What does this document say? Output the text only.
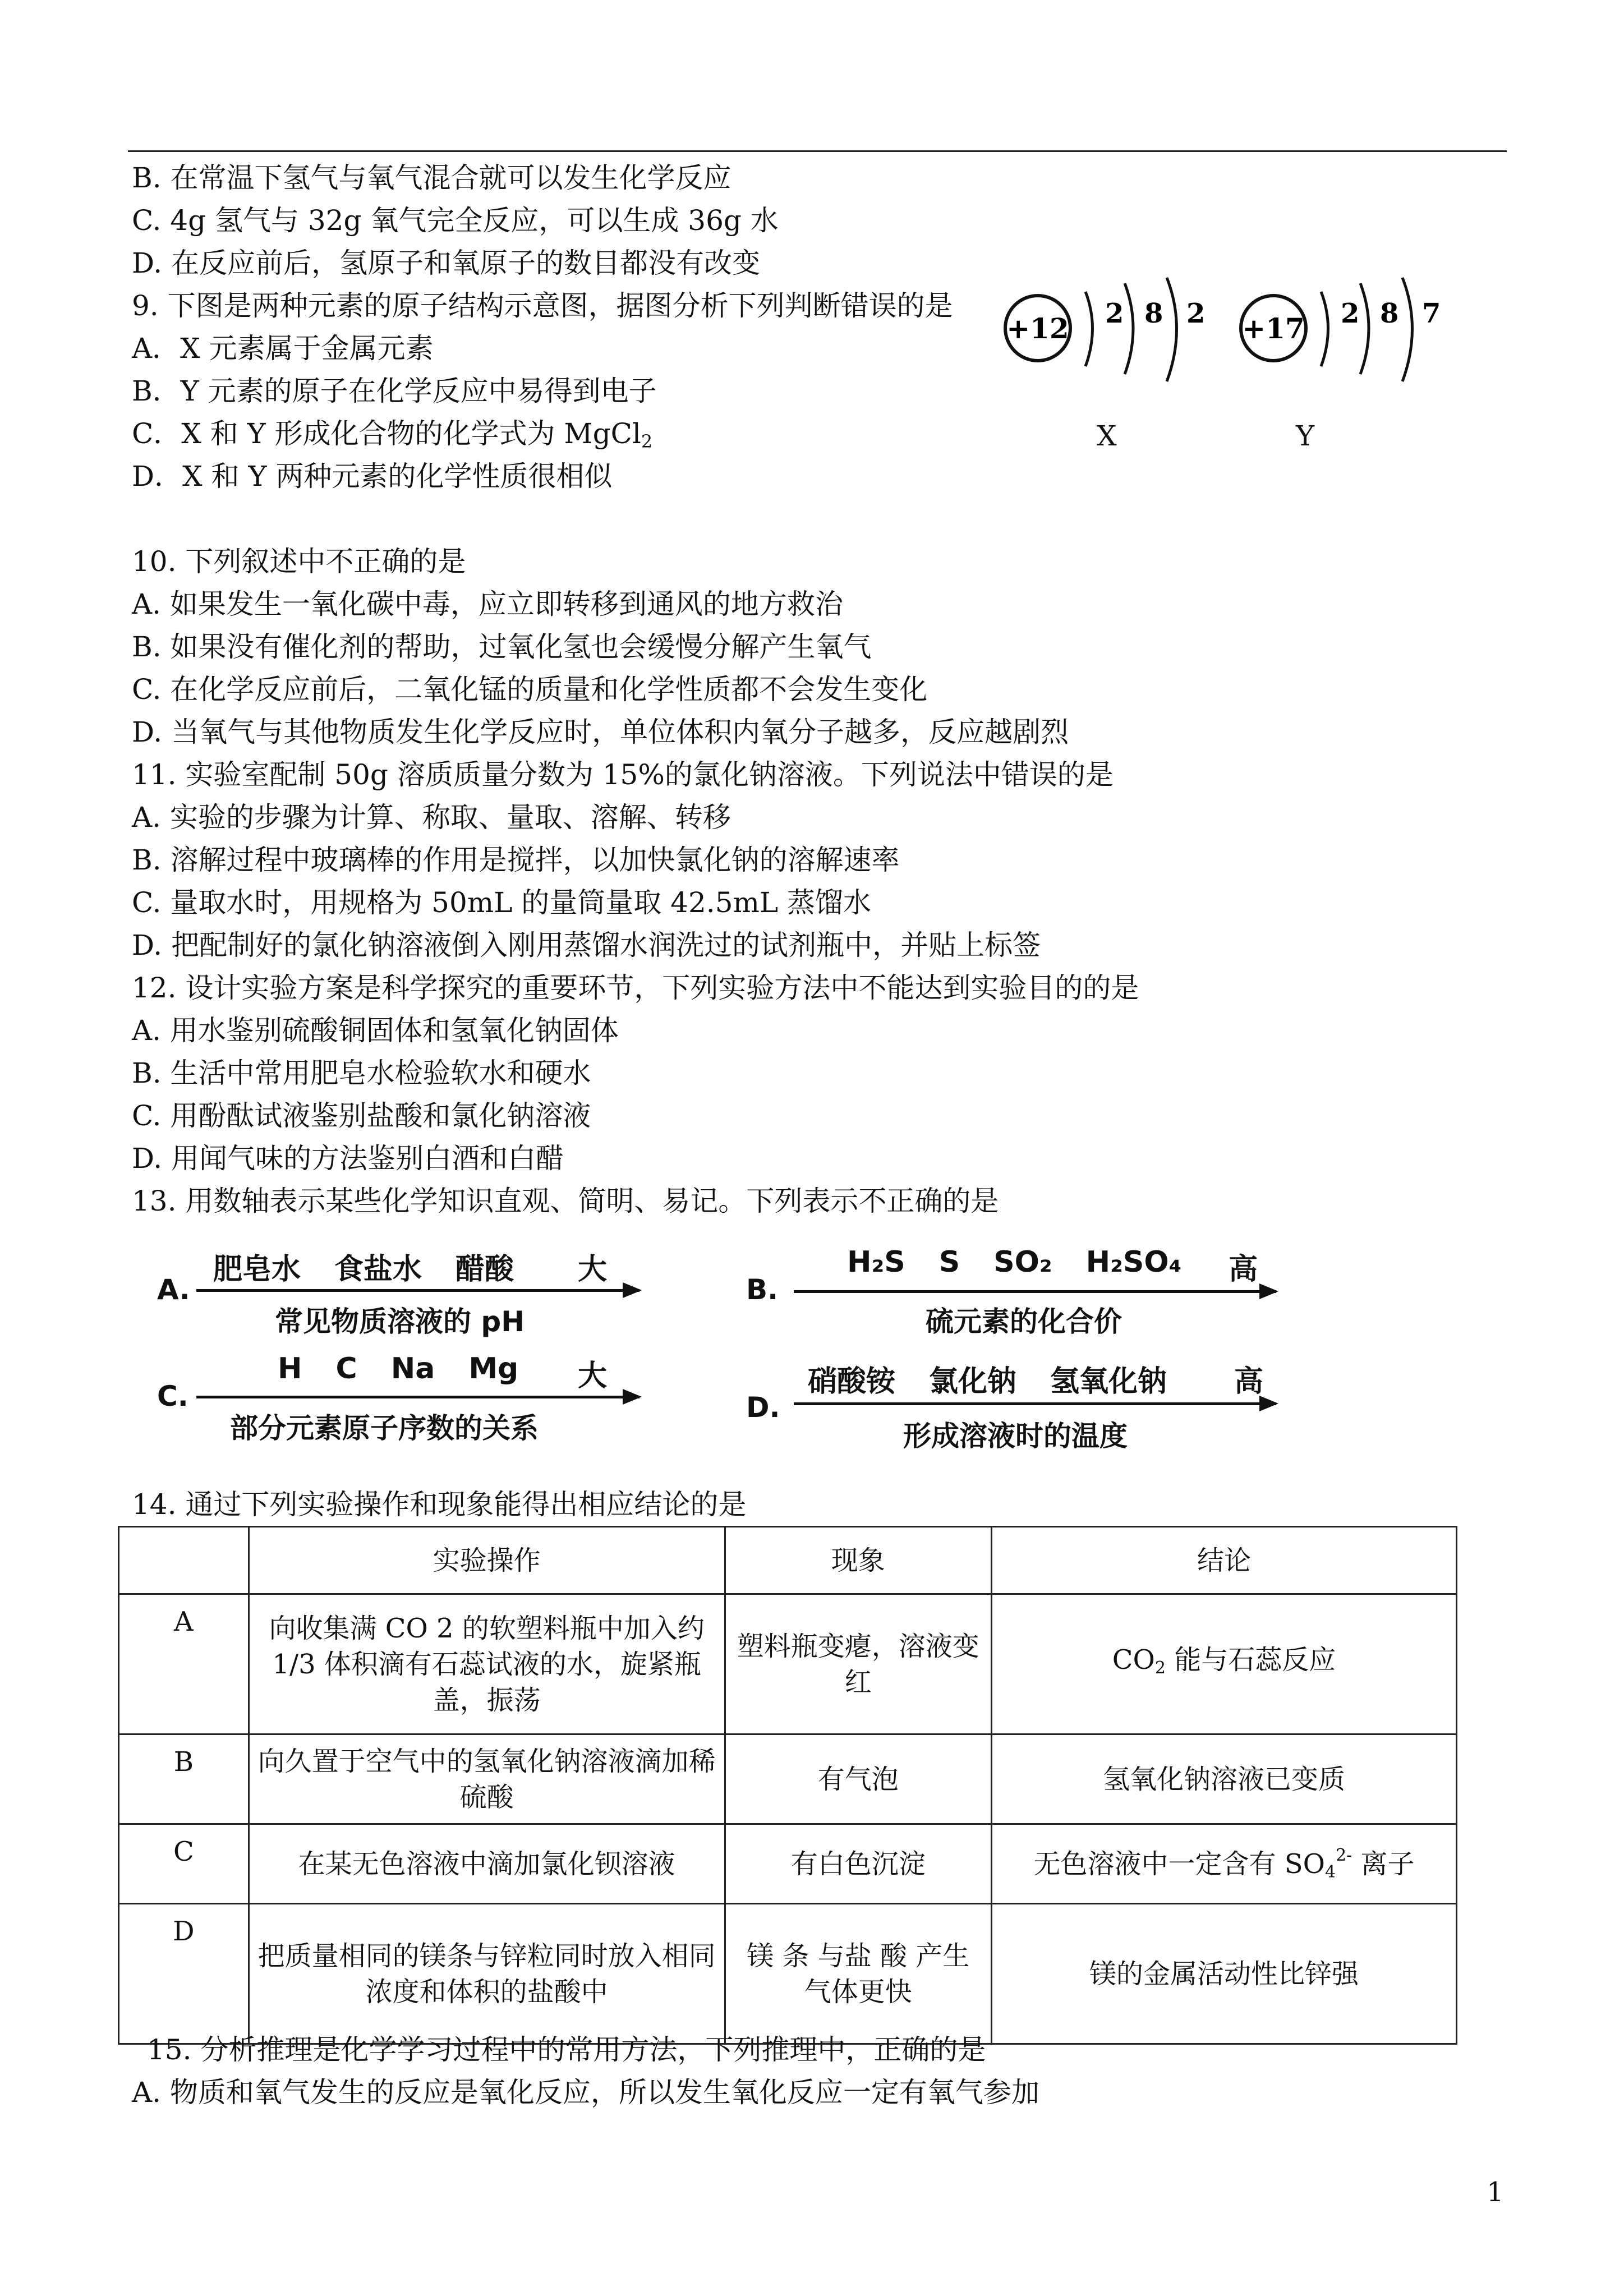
B. 在常温下氢气与氧气混合就可以发生化学反应
C. 4g 氢气与 32g 氧气完全反应，可以生成 36g 水
D. 在反应前后，氢原子和氧原子的数目都没有改变
9. 下图是两种元素的原子结构示意图，据图分析下列判断错误的是
A．X 元素属于金属元素
B．Y 元素的原子在化学反应中易得到电子
C．X 和 Y 形成化合物的化学式为 MgCl$_2$
D．X 和 Y 两种元素的化学性质很相似
+12 2 8 2
X
+17 2 8 7
Y
10. 下列叙述中不正确的是
A. 如果发生一氧化碳中毒，应立即转移到通风的地方救治
B. 如果没有催化剂的帮助，过氧化氢也会缓慢分解产生氧气
C. 在化学反应前后，二氧化锰的质量和化学性质都不会发生变化
D. 当氧气与其他物质发生化学反应时，单位体积内氧分子越多，反应越剧烈
11. 实验室配制 50g 溶质质量分数为 15%的氯化钠溶液。下列说法中错误的是
A. 实验的步骤为计算、称取、量取、溶解、转移
B. 溶解过程中玻璃棒的作用是搅拌，以加快氯化钠的溶解速率
C. 量取水时，用规格为 50mL 的量筒量取 42.5mL 蒸馏水
D. 把配制好的氯化钠溶液倒入刚用蒸馏水润洗过的试剂瓶中，并贴上标签
12. 设计实验方案是科学探究的重要环节，下列实验方法中不能达到实验目的的是
A. 用水鉴别硫酸铜固体和氢氧化钠固体
B. 生活中常用肥皂水检验软水和硬水
C. 用酚酞试液鉴别盐酸和氯化钠溶液
D. 用闻气味的方法鉴别白酒和白醋
13. 用数轴表示某些化学知识直观、简明、易记。下列表示不正确的是
A.
肥皂水 食盐水 醋酸	大
常见物质溶液的 pH
B.
H₂S S SO₂ H₂SO₄	高
硫元素的化合价
C.
H C Na Mg	大
部分元素原子序数的关系
D.
硝酸铵 氯化钠 氢氧化钠	高
形成溶液时的温度
14. 通过下列实验操作和现象能得出相应结论的是
	实验操作	现象	结论
A	向收集满 CO 2 的软塑料瓶中加入约 1/3 体积滴有石蕊试液的水，旋紧瓶盖，振荡	塑料瓶变瘪，溶液变红	$CO_2$ 能与石蕊反应
B	向久置于空气中的氢氧化钠溶液滴加稀硫酸	有气泡	氢氧化钠溶液已变质
C	在某无色溶液中滴加氯化钡溶液	有白色沉淀	无色溶液中一定含有 $SO_4^{2-}$ 离子
D	把质量相同的镁条与锌粒同时放入相同浓度和体积的盐酸中	镁 条 与盐 酸 产生气体更快	镁的金属活动性比锌强
15. 分析推理是化学学习过程中的常用方法，下列推理中，正确的是
A. 物质和氧气发生的反应是氧化反应，所以发生氧化反应一定有氧气参加
1
